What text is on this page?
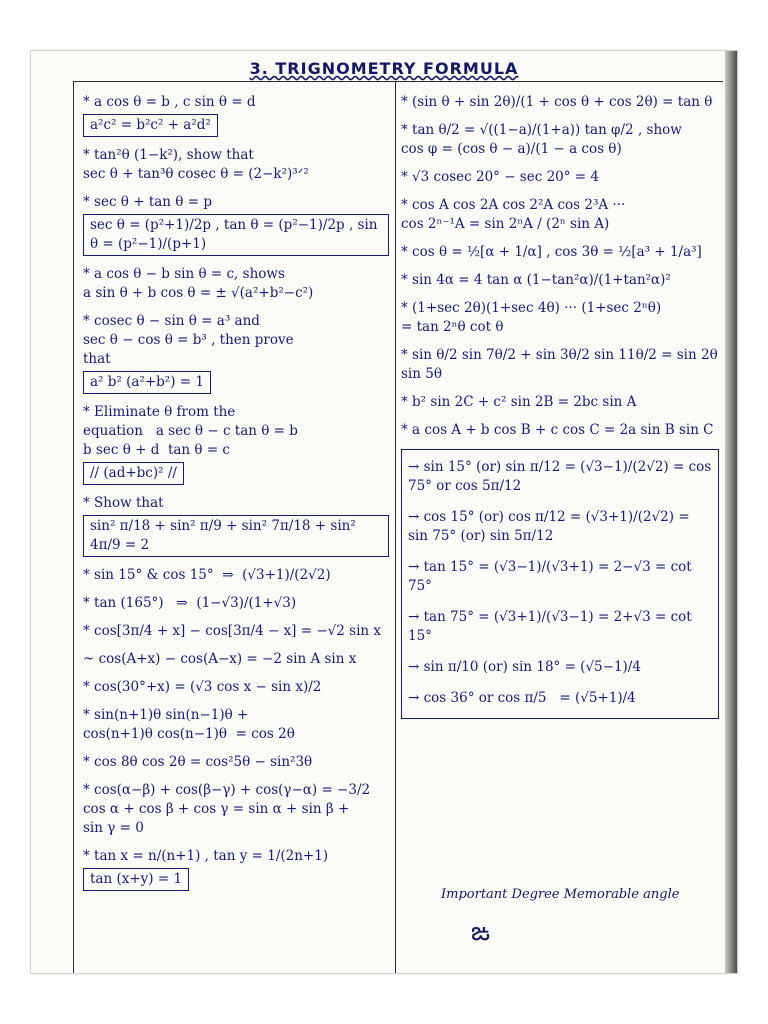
3. TRIGNOMETRY FORMULA
* a cos θ = b , c sin θ = d
a²c² = b²c² + a²d²
* tan²θ (1−k²), show that
sec θ + tan³θ cosec θ = (2−k²)³ᐟ²
* sec θ + tan θ = p
sec θ = (p²+1)/2p , tan θ = (p²−1)/2p , sin θ = (p²−1)/(p+1)
* a cos θ − b sin θ = c, shows
a sin θ + b cos θ = ± √(a²+b²−c²)
* cosec θ − sin θ = a³ and
sec θ − cos θ = b³ , then prove
that
a² b² (a²+b²) = 1
* Eliminate θ from the
equation   a sec θ − c tan θ = b
b sec θ + d  tan θ = c
// (ad+bc)² //
* Show that
sin² π/18 + sin² π/9 + sin² 7π/18 + sin² 4π/9 = 2
* sin 15° & cos 15°  ⇒  (√3+1)/(2√2)
* tan (165°)   ⇒  (1−√3)/(1+√3)
* cos[3π/4 + x] − cos[3π/4 − x] = −√2 sin x
~ cos(A+x) − cos(A−x) = −2 sin A sin x
* cos(30°+x) = (√3 cos x − sin x)/2
* sin(n+1)θ sin(n−1)θ +
cos(n+1)θ cos(n−1)θ  = cos 2θ
* cos 8θ cos 2θ = cos²5θ − sin²3θ
* cos(α−β) + cos(β−γ) + cos(γ−α) = −3/2
cos α + cos β + cos γ = sin α + sin β +
sin γ = 0
* tan x = n/(n+1) , tan y = 1/(2n+1)
tan (x+y) = 1
* (sin θ + sin 2θ)/(1 + cos θ + cos 2θ) = tan θ
* tan θ/2 = √((1−a)/(1+a)) tan φ/2 , show
cos φ = (cos θ − a)/(1 − a cos θ)
* √3 cosec 20° − sec 20° = 4
* cos A cos 2A cos 2²A cos 2³A ···
cos 2ⁿ⁻¹A = sin 2ⁿA / (2ⁿ sin A)
* cos θ = ½[α + 1/α] , cos 3θ = ½[a³ + 1/a³]
* sin 4α = 4 tan α (1−tan²α)/(1+tan²α)²
* (1+sec 2θ)(1+sec 4θ) ··· (1+sec 2ⁿθ)
= tan 2ⁿθ cot θ
* sin θ/2 sin 7θ/2 + sin 3θ/2 sin 11θ/2 = sin 2θ
sin 5θ
* b² sin 2C + c² sin 2B = 2bc sin A
* a cos A + b cos B + c cos C = 2a sin B sin C
→ sin 15° (or) sin π/12 = (√3−1)/(2√2) = cos 75° or cos 5π/12
→ cos 15° (or) cos π/12 = (√3+1)/(2√2) = sin 75° (or) sin 5π/12
→ tan 15° = (√3−1)/(√3+1) = 2−√3 = cot 75°
→ tan 75° = (√3+1)/(√3−1) = 2+√3 = cot 15°
→ sin π/10 (or) sin 18° = (√5−1)/4
→ cos 36° or cos π/5   = (√5+1)/4
Important Degree Memorable angle
ఙ
